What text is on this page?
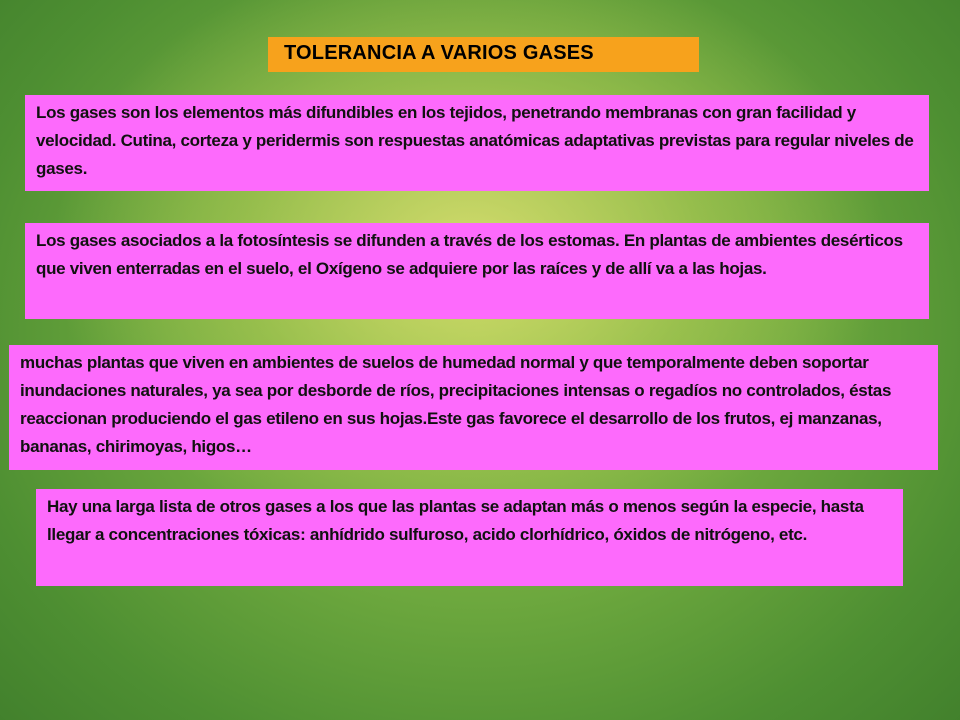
TOLERANCIA A VARIOS GASES
Los gases son los elementos más difundibles en los tejidos, penetrando membranas con gran facilidad y velocidad. Cutina, corteza y peridermis son respuestas anatómicas adaptativas previstas para regular niveles de gases.
Los gases asociados a la fotosíntesis se difunden a través de los estomas. En plantas de ambientes desérticos que viven enterradas en el suelo, el Oxígeno se adquiere por las raíces y de allí va a las hojas.
muchas plantas que viven en ambientes de suelos de humedad normal y que temporalmente deben soportar inundaciones naturales, ya sea por desborde de ríos, precipitaciones intensas o regadíos no controlados, éstas reaccionan produciendo el gas etileno en sus hojas.Este gas favorece el desarrollo de los frutos, ej manzanas, bananas, chirimoyas, higos…
Hay una larga lista de otros gases a los que las plantas se adaptan más o menos según la especie, hasta llegar a concentraciones tóxicas: anhídrido sulfuroso, acido clorhídrico, óxidos de nitrógeno, etc.
